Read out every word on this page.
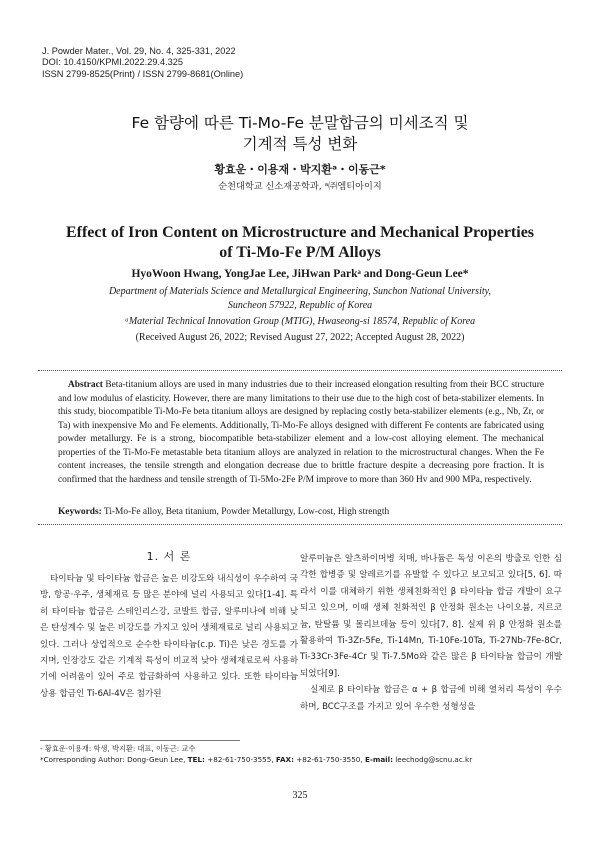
J. Powder Mater., Vol. 29, No. 4, 325-331, 2022
DOI: 10.4150/KPMI.2022.29.4.325
ISSN 2799-8525(Print) / ISSN 2799-8681(Online)
Fe 함량에 따른 Ti-Mo-Fe 분말합금의 미세조직 및
기계적 특성 변화
황효운・이용재・박지환ᵃ・이동근*
순천대학교 신소재공학과, ᵃ㈜엠티아이지
Effect of Iron Content on Microstructure and Mechanical Properties
of Ti-Mo-Fe P/M Alloys
HyoWoon Hwang, YongJae Lee, JiHwan Parkᵃ and Dong-Geun Lee*
Department of Materials Science and Metallurgical Engineering, Sunchon National University,
Suncheon 57922, Republic of Korea
ᵃMaterial Technical Innovation Group (MTIG), Hwaseong-si 18574, Republic of Korea
(Received August 26, 2022; Revised August 27, 2022; Accepted August 28, 2022)
Abstract Beta-titanium alloys are used in many industries due to their increased elongation resulting from their BCC structure and low modulus of elasticity. However, there are many limitations to their use due to the high cost of beta-stabilizer elements. In this study, biocompatible Ti-Mo-Fe beta titanium alloys are designed by replacing costly beta-stabilizer elements (e.g., Nb, Zr, or Ta) with inexpensive Mo and Fe elements. Additionally, Ti-Mo-Fe alloys designed with different Fe contents are fabricated using powder metallurgy. Fe is a strong, biocompatible beta-stabilizer element and a low-cost alloying element. The mechanical properties of the Ti-Mo-Fe metastable beta titanium alloys are analyzed in relation to the microstructural changes. When the Fe content increases, the tensile strength and elongation decrease due to brittle fracture despite a decreasing pore fraction. It is confirmed that the hardness and tensile strength of Ti-5Mo-2Fe P/M improve to more than 360 Hv and 900 MPa, respectively.
Keywords: Ti-Mo-Fe alloy, Beta titanium, Powder Metallurgy, Low-cost, High strength
1. 서 론
타이타늄 및 타이타늄 합금은 높은 비강도와 내식성이 우수하여 국방, 항공·우주, 생체재료 등 많은 분야에 널리 사용되고 있다[1-4]. 특히 타이타늄 합금은 스테인리스강, 코발트 합금, 알루미나에 비해 낮은 탄성계수 및 높은 비강도를 가지고 있어 생체재료로 널리 사용되고 있다. 그러나 상업적으로 순수한 타이타늄(c.p. Ti)은 낮은 경도를 가지며, 인장강도 같은 기계적 특성이 비교적 낮아 생체재료로써 사용하기에 어려움이 있어 주로 합금화하여 사용하고 있다. 또한 타이타늄 상용 합금인 Ti-6Al-4V은 첨가된

알루미늄은 알츠하이머병 치매, 바나듐은 독성 이온의 방출로 인한 심각한 합병증 및 알레르기를 유발할 수 있다고 보고되고 있다[5, 6]. 따라서 이를 대체하기 위한 생체친화적인 β 타이타늄 합금 개발이 요구되고 있으며, 이때 생체 친화적인 β 안정화 원소는 나이오븀, 지르코늄, 탄탈륨 및 몰리브데늄 등이 있다[7, 8]. 실제 위 β 안정화 원소를 활용하여 Ti-3Zr-5Fe, Ti-14Mn, Ti-10Fe-10Ta, Ti-27Nb-7Fe-8Cr, Ti-33Cr-3Fe-4Cr 및 Ti-7.5Mo와 같은 많은 β 타이타늄 합금이 개발되었다[9].

실제로 β 타이타늄 합금은 α + β 합금에 비해 열처리 특성이 우수하며, BCC구조를 가지고 있어 우수한 성형성을

- 황효운·이용재: 학생, 박지환: 대표, 이동근: 교수
*Corresponding Author: Dong-Geun Lee, TEL: +82-61-750-3555, FAX: +82-61-750-3550, E-mail: leechodg@scnu.ac.kr
325
